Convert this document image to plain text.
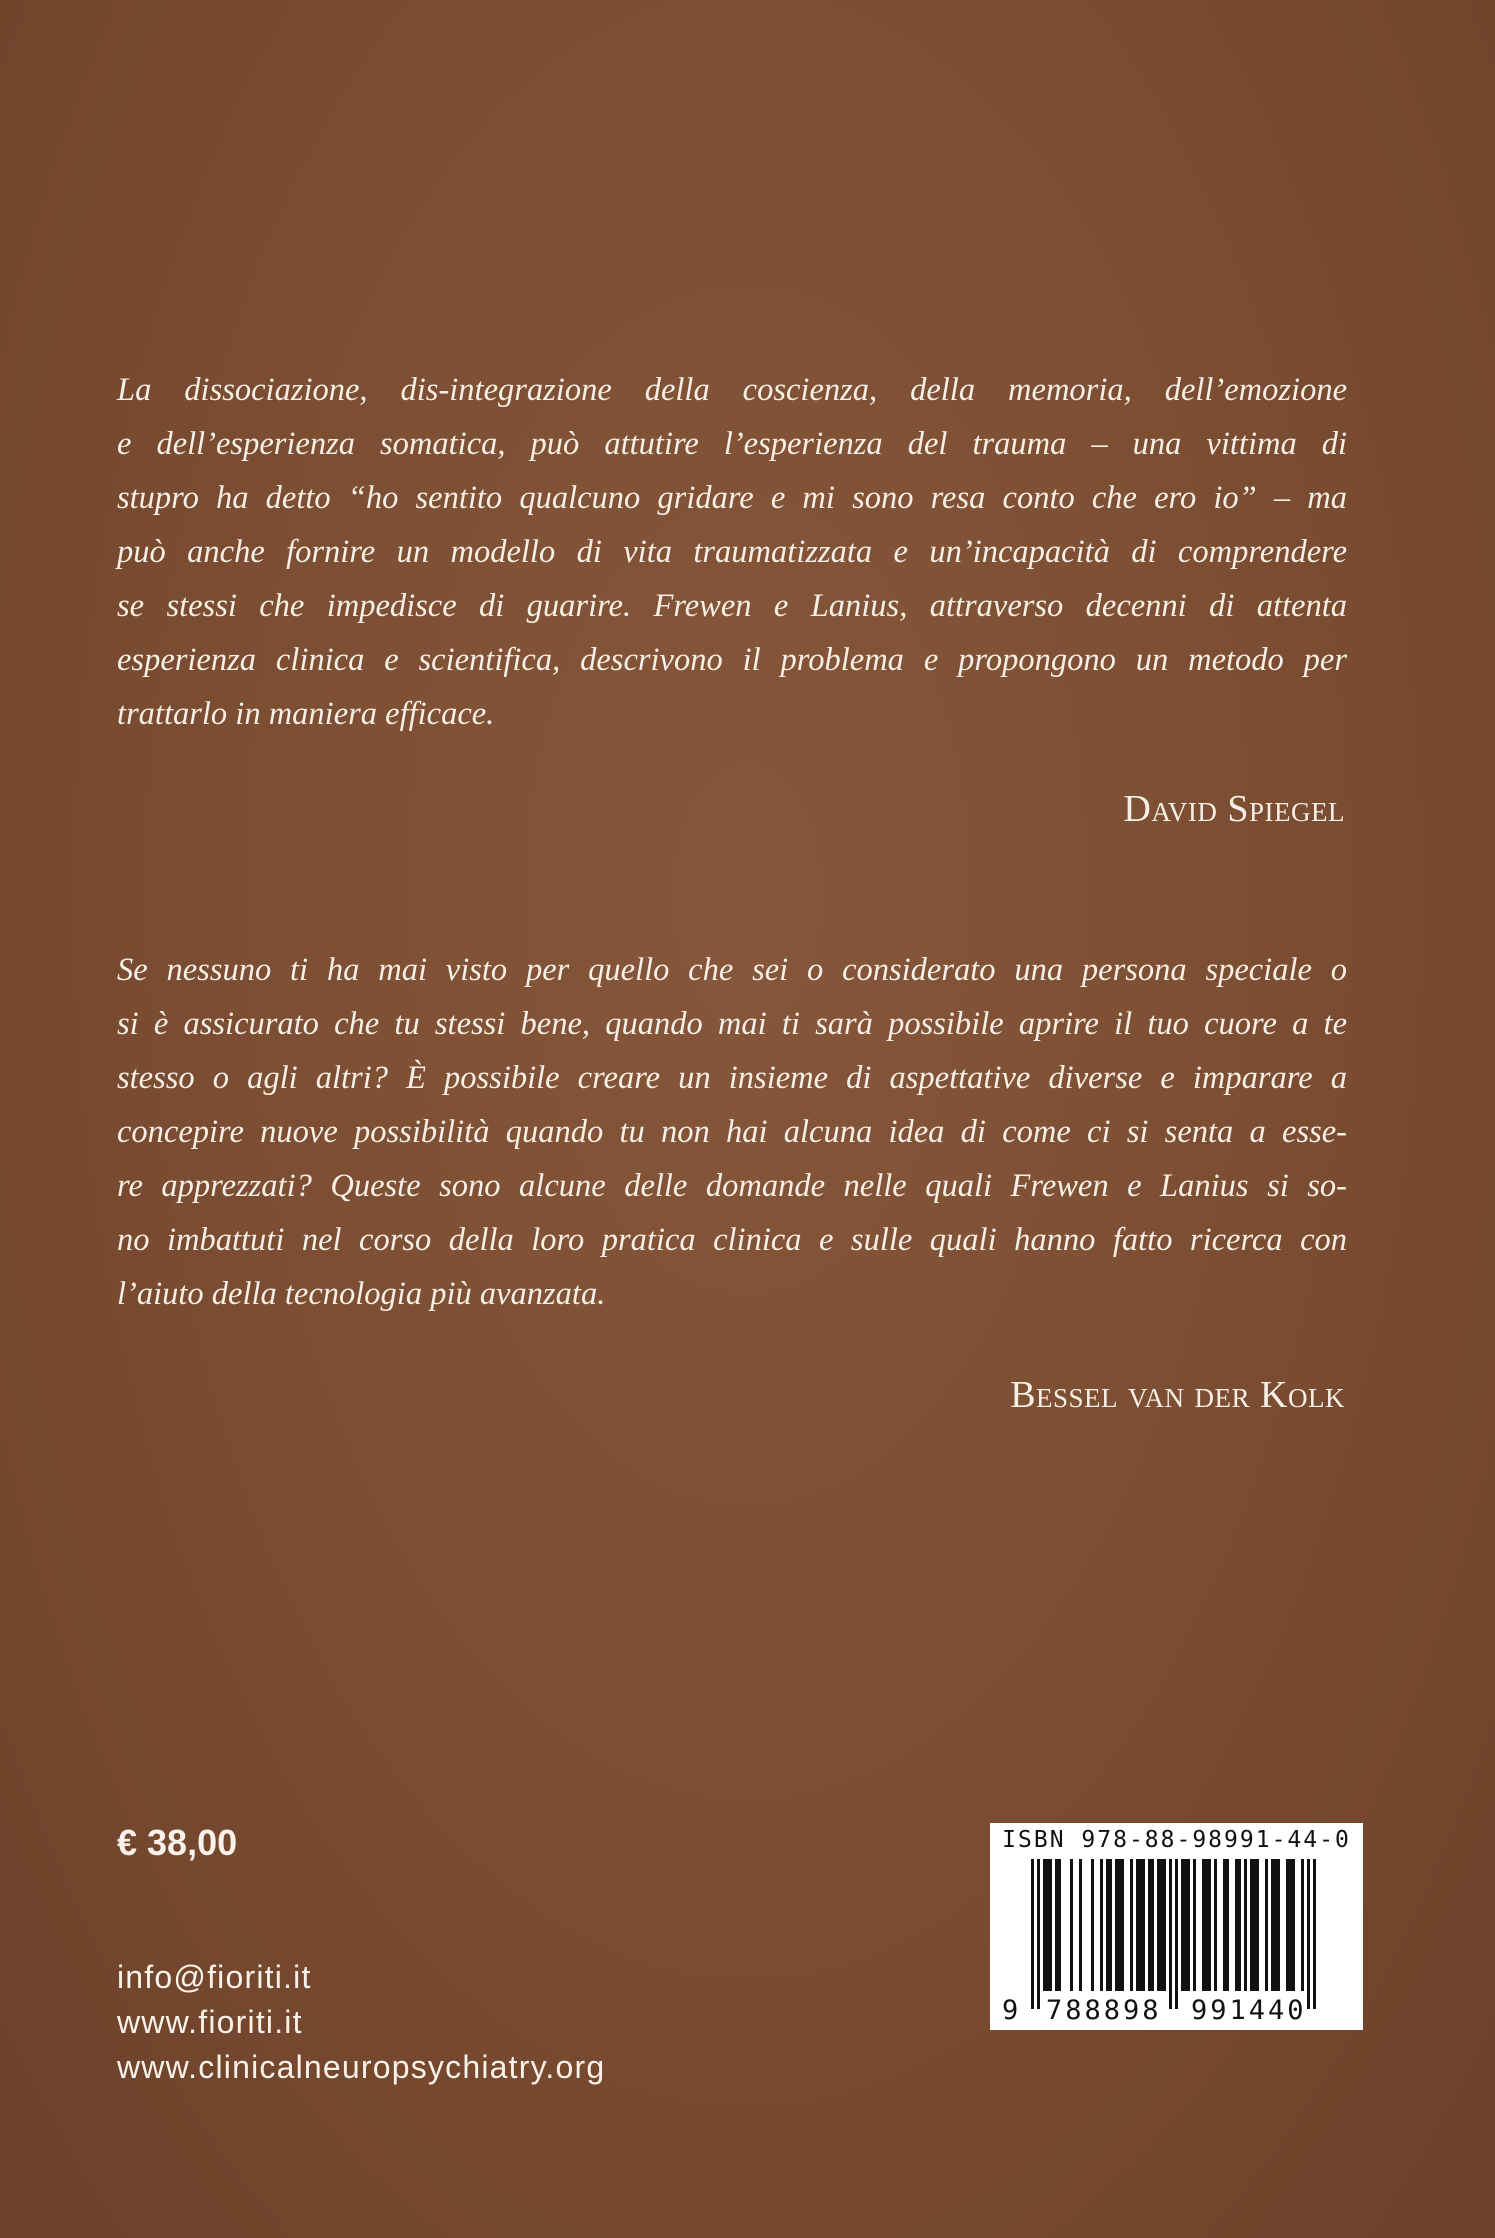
La dissociazione, dis-integrazione della coscienza, della memoria, dell’emozione
e dell’esperienza somatica, può attutire l’esperienza del trauma – una vittima di
stupro ha detto “ho sentito qualcuno gridare e mi sono resa conto che ero io” – ma
può anche fornire un modello di vita traumatizzata e un’incapacità di comprendere
se stessi che impedisce di guarire. Frewen e Lanius, attraverso decenni di attenta
esperienza clinica e scientifica, descrivono il problema e propongono un metodo per
trattarlo in maniera efficace.
David Spiegel
Se nessuno ti ha mai visto per quello che sei o considerato una persona speciale o
si è assicurato che tu stessi bene, quando mai ti sarà possibile aprire il tuo cuore a te
stesso o agli altri? È possibile creare un insieme di aspettative diverse e imparare a
concepire nuove possibilità quando tu non hai alcuna idea di come ci si senta a esse-
re apprezzati? Queste sono alcune delle domande nelle quali Frewen e Lanius si so-
no imbattuti nel corso della loro pratica clinica e sulle quali hanno fatto ricerca con
l’aiuto della tecnologia più avanzata.
Bessel van der Kolk
€ 38,00
info@fioriti.it
www.fioriti.it
www.clinicalneuropsychiatry.org
ISBN 978-88-98991-44-0
9 788898 991440
